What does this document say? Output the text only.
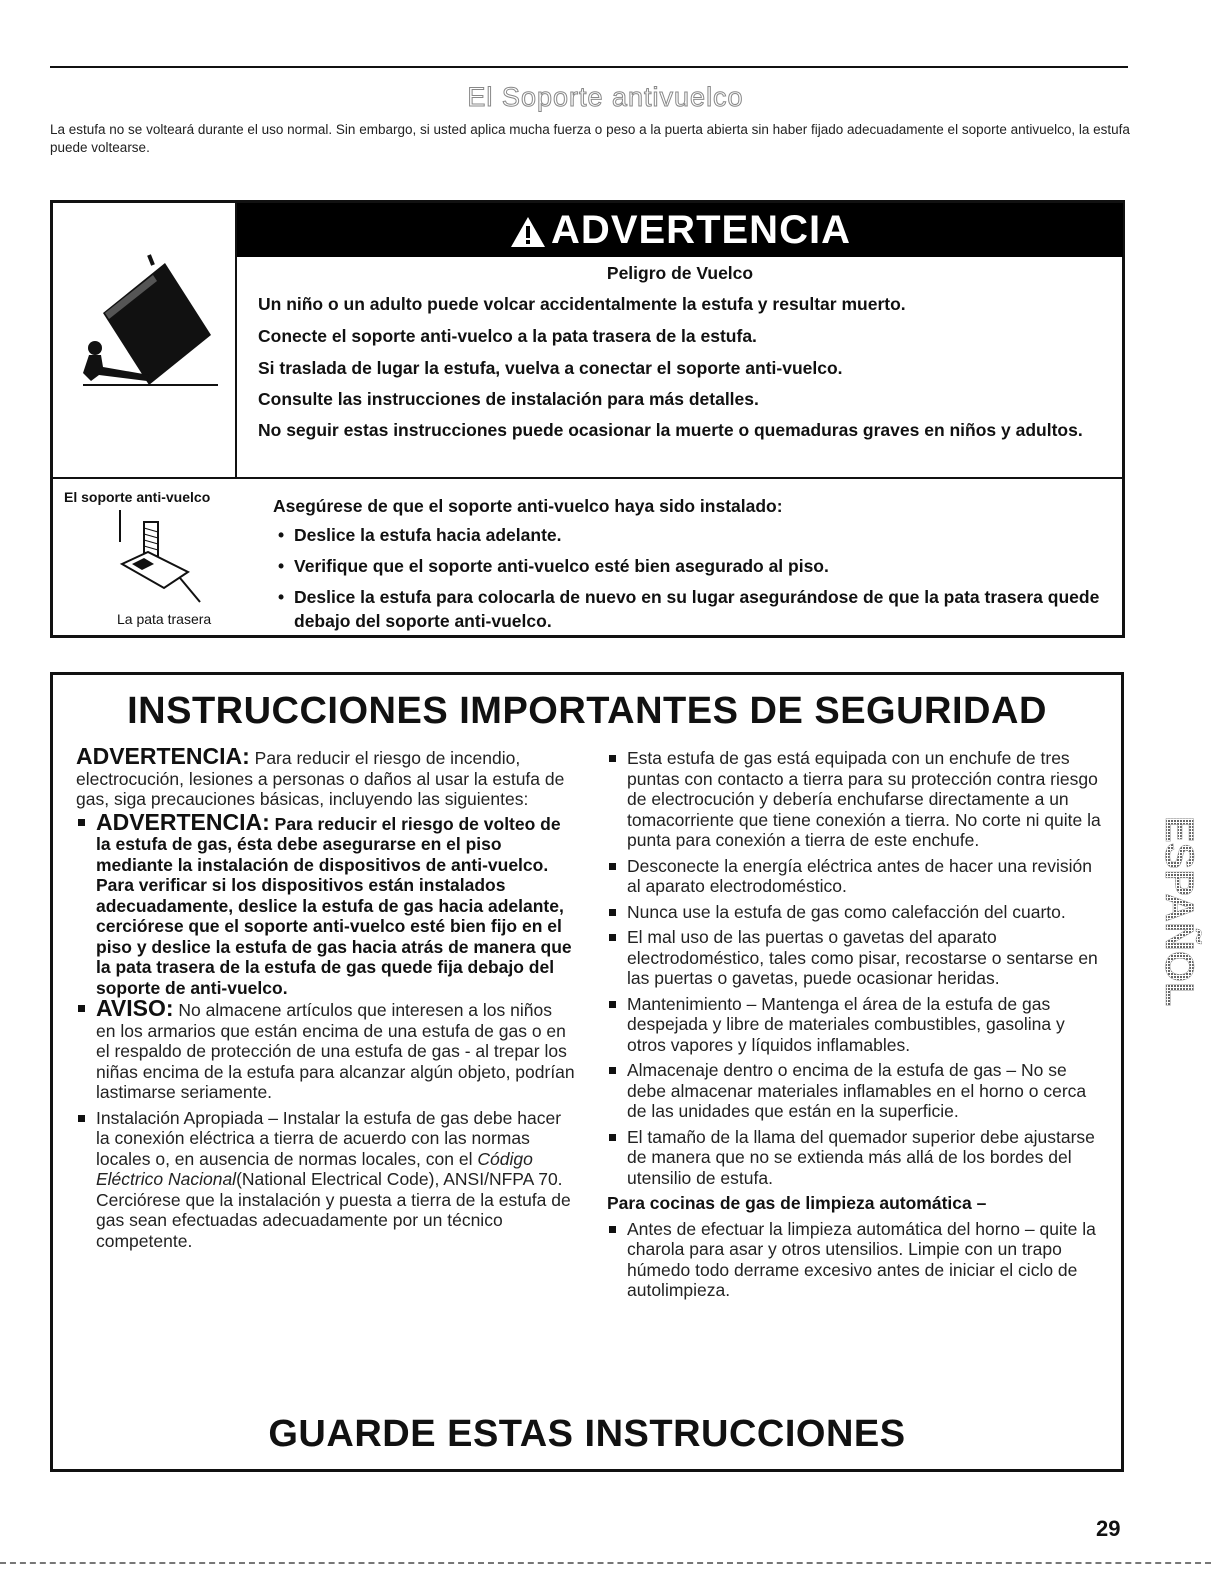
El Soporte antivuelco
La estufa no se volteará durante el uso normal. Sin embargo, si usted aplica mucha fuerza o peso a la puerta abierta sin haber fijado adecuadamente el soporte antivuelco, la estufa puede voltearse.
ADVERTENCIA
Peligro de Vuelco
Un niño o un adulto puede volcar accidentalmente la estufa y resultar muerto.
Conecte el soporte anti-vuelco a la pata trasera de la estufa.
Si traslada de lugar la estufa, vuelva a conectar el soporte anti-vuelco.
Consulte las instrucciones de instalación para más detalles.
No seguir estas instrucciones puede ocasionar la muerte o quemaduras graves en niños y adultos.
El soporte anti-vuelco
La pata trasera
Asegúrese de que el soporte anti-vuelco haya sido instalado:
• Deslice la estufa hacia adelante.
• Verifique que el soporte anti-vuelco esté bien asegurado al piso.
• Deslice la estufa para colocarla de nuevo en su lugar asegurándose de que la pata trasera quede debajo del soporte anti-vuelco.
INSTRUCCIONES IMPORTANTES DE SEGURIDAD

ADVERTENCIA: Para reducir el riesgo de incendio, electrocución, lesiones a personas o daños al usar la estufa de gas, siga precauciones básicas, incluyendo las siguientes:

ADVERTENCIA: Para reducir el riesgo de volteo de la estufa de gas, ésta debe asegurarse en el piso mediante la instalación de dispositivos de anti-vuelco. Para verificar si los dispositivos están instalados adecuadamente, deslice la estufa de gas hacia adelante, cerciórese que el soporte anti-vuelco esté bien fijo en el piso y deslice la estufa de gas hacia atrás de manera que la pata trasera de la estufa de gas quede fija debajo del soporte de anti-vuelco.
AVISO: No almacene artículos que interesen a los niños en los armarios que están encima de una estufa de gas o en el respaldo de protección de una estufa de gas - al trepar los niñas encima de la estufa para alcanzar algún objeto, podrían lastimarse seriamente.
Instalación Apropiada – Instalar la estufa de gas debe hacer la conexión eléctrica a tierra de acuerdo con las normas locales o, en ausencia de normas locales, con el Código Eléctrico Nacional(National Electrical Code), ANSI/NFPA 70. Cerciórese que la instalación y puesta a tierra de la estufa de gas sean efectuadas adecuadamente por un técnico competente.
Esta estufa de gas está equipada con un enchufe de tres puntas con contacto a tierra para su protección contra riesgo de electrocución y debería enchufarse directamente a un tomacorriente que tiene conexión a tierra. No corte ni quite la punta para conexión a tierra de este enchufe.
Desconecte la energía eléctrica antes de hacer una revisión al aparato electrodoméstico.
Nunca use la estufa de gas como calefacción del cuarto.
El mal uso de las puertas o gavetas del aparato electrodoméstico, tales como pisar, recostarse o sentarse en las puertas o gavetas, puede ocasionar heridas.
Mantenimiento – Mantenga el área de la estufa de gas despejada y libre de materiales combustibles, gasolina y otros vapores y líquidos inflamables.
Almacenaje dentro o encima de la estufa de gas – No se debe almacenar materiales inflamables en el horno o cerca de las unidades que están en la superficie.
El tamaño de la llama del quemador superior debe ajustarse de manera que no se extienda más allá de los bordes del utensilio de estufa.

Para cocinas de gas de limpieza automática –

Antes de efectuar la limpieza automática del horno – quite la charola para asar y otros utensilios. Limpie con un trapo húmedo todo derrame excesivo antes de iniciar el ciclo de autolimpieza.
GUARDE ESTAS INSTRUCCIONES
ESPAÑOL
29
